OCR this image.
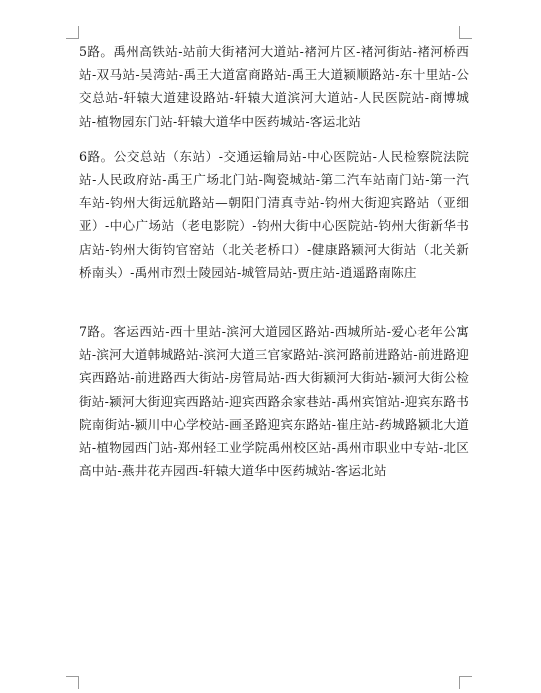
5路。禹州高铁站-站前大街褚河大道站-褚河片区-褚河街站-褚河桥西站-双马站-吴湾站-禹王大道富商路站-禹王大道颍顺路站-东十里站-公交总站-轩辕大道建设路站-轩辕大道滨河大道站-人民医院站-商博城站-植物园东门站-轩辕大道华中医药城站-客运北站

6路。公交总站（东站）-交通运输局站-中心医院站-人民检察院法院站-人民政府站-禹王广场北门站-陶瓷城站-第二汽车站南门站-第一汽车站-钧州大街远航路站—朝阳门清真寺站-钧州大街迎宾路站（亚细亚）-中心广场站（老电影院）-钧州大街中心医院站-钧州大街新华书店站-钧州大街钧官窑站（北关老桥口）-健康路颍河大街站（北关新桥南头）-禹州市烈士陵园站-城管局站-贾庄站-逍遥路南陈庄

7路。客运西站-西十里站-滨河大道园区路站-西城所站-爱心老年公寓站-滨河大道韩城路站-滨河大道三官家路站-滨河路前进路站-前进路迎宾西路站-前进路西大街站-房管局站-西大街颍河大街站-颍河大街公检街站-颍河大街迎宾西路站-迎宾西路余家巷站-禹州宾馆站-迎宾东路书院南街站-颍川中心学校站-画圣路迎宾东路站-崔庄站-药城路颍北大道站-植物园西门站-郑州轻工业学院禹州校区站-禹州市职业中专站-北区高中站-燕井花卉园西-轩辕大道华中医药城站-客运北站
